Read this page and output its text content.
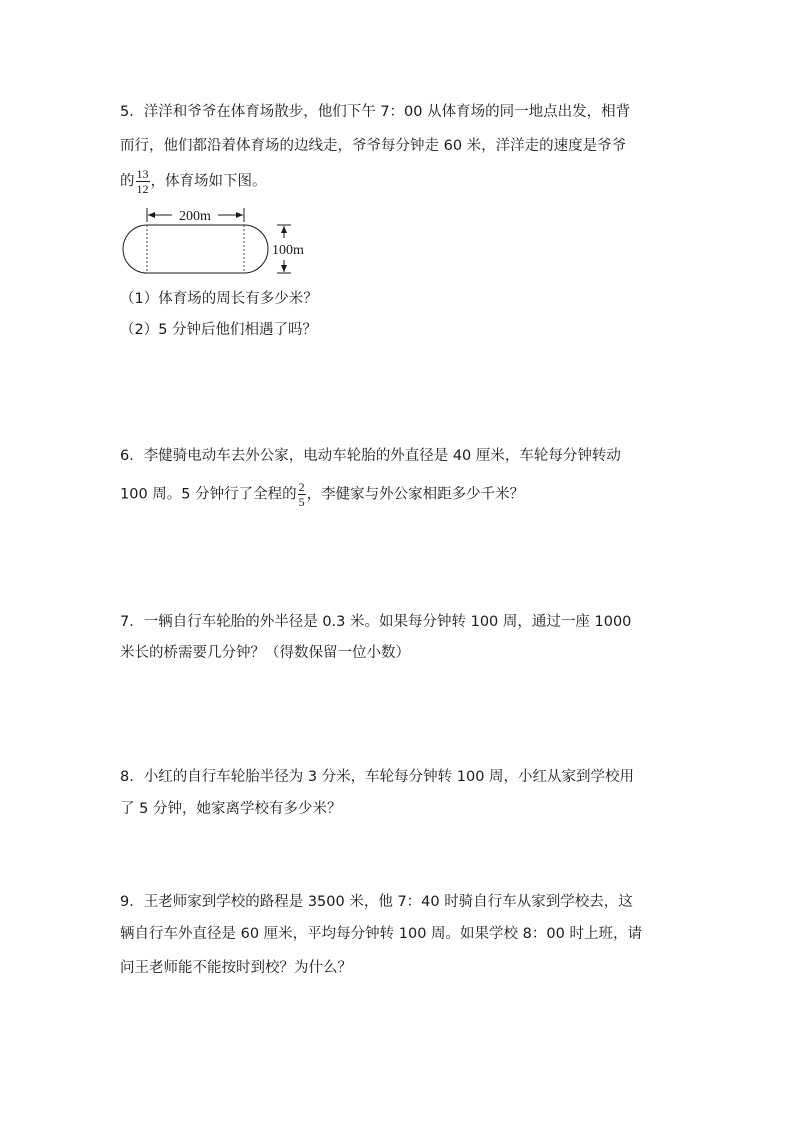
5．洋洋和爷爷在体育场散步，他们下午 7：00 从体育场的同一地点出发，相背
而行，他们都沿着体育场的边线走，爷爷每分钟走 60 米，洋洋走的速度是爷爷
的 $\frac{13}{12}$ ，体育场如下图。
200m
100m
（1）体育场的周长有多少米？
（2）5 分钟后他们相遇了吗？
6．李健骑电动车去外公家，电动车轮胎的外直径是 40 厘米，车轮每分钟转动
100 周。5 分钟行了全程的 $\frac{2}{5}$ ，李健家与外公家相距多少千米？
7．一辆自行车轮胎的外半径是 0.3 米。如果每分钟转 100 周，通过一座 1000
米长的桥需要几分钟？（得数保留一位小数）
8．小红的自行车轮胎半径为 3 分米，车轮每分钟转 100 周，小红从家到学校用
了 5 分钟，她家离学校有多少米？
9．王老师家到学校的路程是 3500 米，他 7：40 时骑自行车从家到学校去，这
辆自行车外直径是 60 厘米，平均每分钟转 100 周。如果学校 8：00 时上班，请
问王老师能不能按时到校？为什么？
